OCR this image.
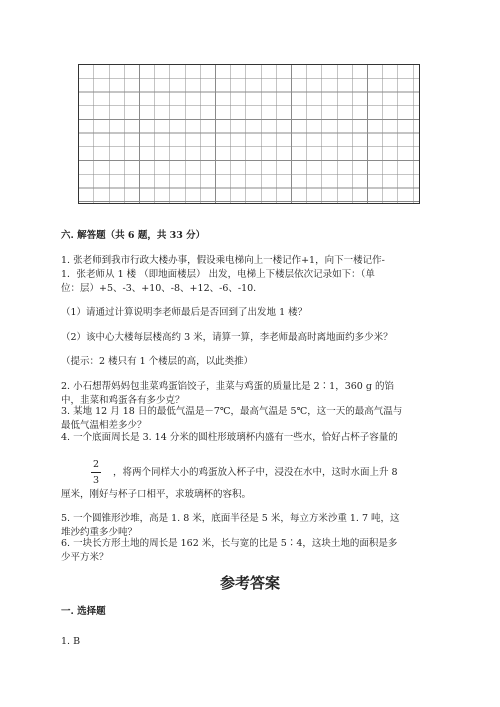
六. 解答题（共 6 题，共 33 分）
1. 张老师到我市行政大楼办事，假设乘电梯向上一楼记作+1，向下一楼记作-
1．张老师从 1 楼 （即地面楼层） 出发，电梯上下楼层依次记录如下：（单
位：层）+5、-3、+10、-8、+12、-6、-10.
（1）请通过计算说明李老师最后是否回到了出发地 1 楼？
（2）该中心大楼每层楼高约 3 米，请算一算，李老师最高时离地面约多少米？
（提示：2 楼只有 1 个楼层的高，以此类推）
2. 小石想帮妈妈包韭菜鸡蛋馅饺子，韭菜与鸡蛋的质量比是 2∶1，360 g 的馅
中，韭菜和鸡蛋各有多少克？
3. 某地 12 月 18 日的最低气温是－7℃，最高气温是 5℃，这一天的最高气温与
最低气温相差多少？
4. 一个底面周长是 3. 14 分米的圆柱形玻璃杯内盛有一些水，恰好占杯子容量的
2
3
，将两个同样大小的鸡蛋放入杯子中，浸没在水中，这时水面上升 8
厘米，刚好与杯子口相平，求玻璃杯的容积。
5. 一个圆锥形沙堆，高是 1. 8 米，底面半径是 5 米，每立方米沙重 1. 7 吨，这
堆沙约重多少吨？
6. 一块长方形土地的周长是 162 米，长与宽的比是 5∶4，这块土地的面积是多
少平方米？
参考答案
一. 选择题
1. B
